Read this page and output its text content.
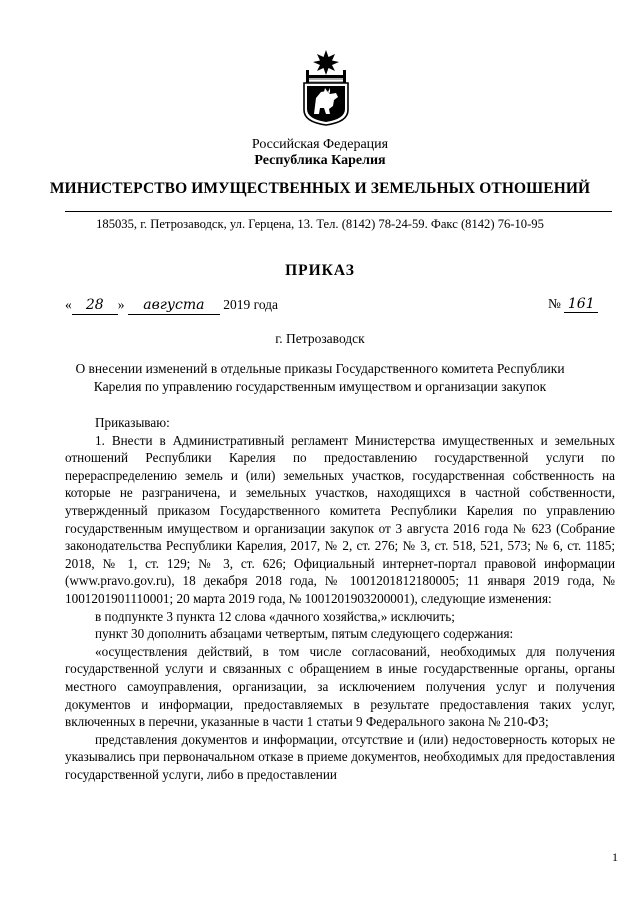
Российская Федерация
Республика Карелия
МИНИСТЕРСТВО ИМУЩЕСТВЕННЫХ И ЗЕМЕЛЬНЫХ ОТНОШЕНИЙ
185035, г. Петрозаводск, ул. Герцена, 13. Тел. (8142) 78-24-59. Факс (8142) 76-10-95
ПРИКАЗ
« 28 » августа 2019 года	№ 161
г. Петрозаводск
О внесении изменений в отдельные приказы Государственного комитета Республики
Карелия по управлению государственным имуществом и организации закупок

Приказываю:

1. Внести в Административный регламент Министерства имущественных и земельных отношений Республики Карелия по предоставлению государственной услуги по перераспределению земель и (или) земельных участков, государственная собственность на которые не разграничена, и земельных участков, находящихся в частной собственности, утвержденный приказом Государственного комитета Республики Карелия по управлению государственным имуществом и организации закупок от 3 августа 2016 года № 623 (Собрание законодательства Республики Карелия, 2017, № 2, ст. 276; № 3, ст. 518, 521, 573; № 6, ст. 1185; 2018, № 1, ст. 129; № 3, ст. 626; Официальный интернет-портал правовой информации (www.pravo.gov.ru), 18 декабря 2018 года, № 1001201812180005; 11 января 2019 года, № 1001201901110001; 20 марта 2019 года, № 1001201903200001), следующие изменения:

в подпункте 3 пункта 12 слова «дачного хозяйства,» исключить;

пункт 30 дополнить абзацами четвертым, пятым следующего содержания:

«осуществления действий, в том числе согласований, необходимых для получения государственной услуги и связанных с обращением в иные государственные органы, органы местного самоуправления, организации, за исключением получения услуг и получения документов и информации, предоставляемых в результате предоставления таких услуг, включенных в перечни, указанные в части 1 статьи 9 Федерального закона № 210-ФЗ;

представления документов и информации, отсутствие и (или) недостоверность которых не указывались при первоначальном отказе в приеме документов, необходимых для предоставления государственной услуги, либо в предоставлении

1
